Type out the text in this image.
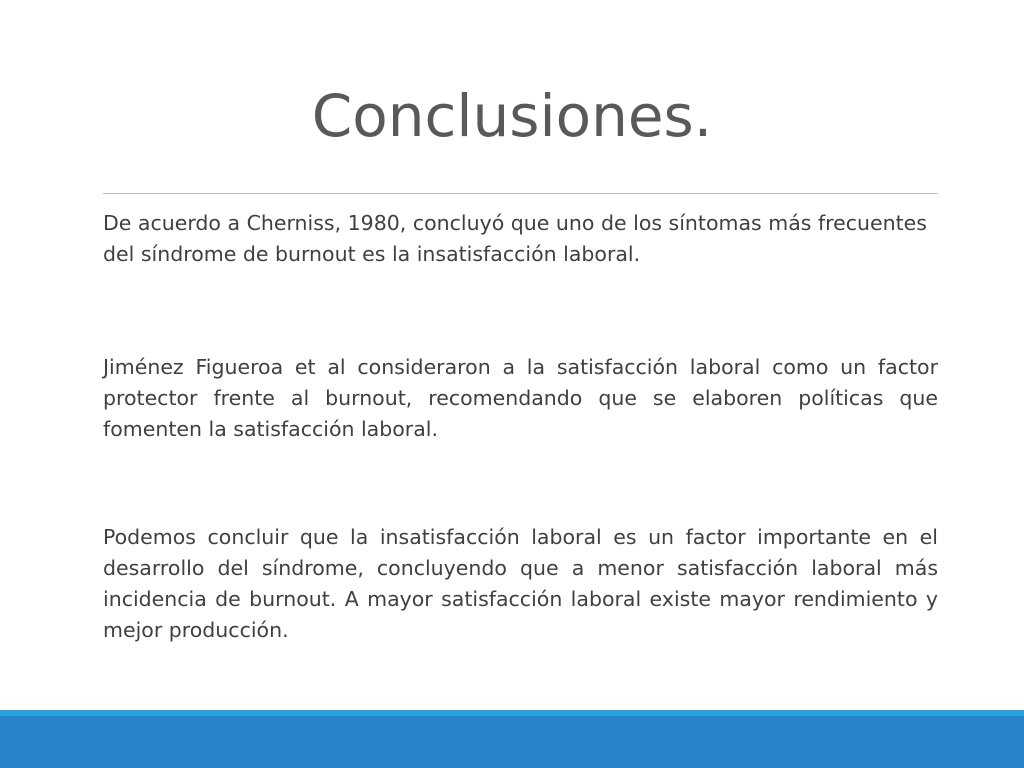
Conclusiones.

De acuerdo a Cherniss, 1980, concluyó que uno de los síntomas más frecuentes del síndrome de burnout es la insatisfacción laboral.

Jiménez Figueroa et al consideraron a la satisfacción laboral como un factor protector frente al burnout, recomendando que se elaboren políticas que fomenten la satisfacción laboral.

Podemos concluir que la insatisfacción laboral es un factor importante en el desarrollo del síndrome, concluyendo que a menor satisfacción laboral más incidencia de burnout. A mayor satisfacción laboral existe mayor rendimiento y mejor producción.
